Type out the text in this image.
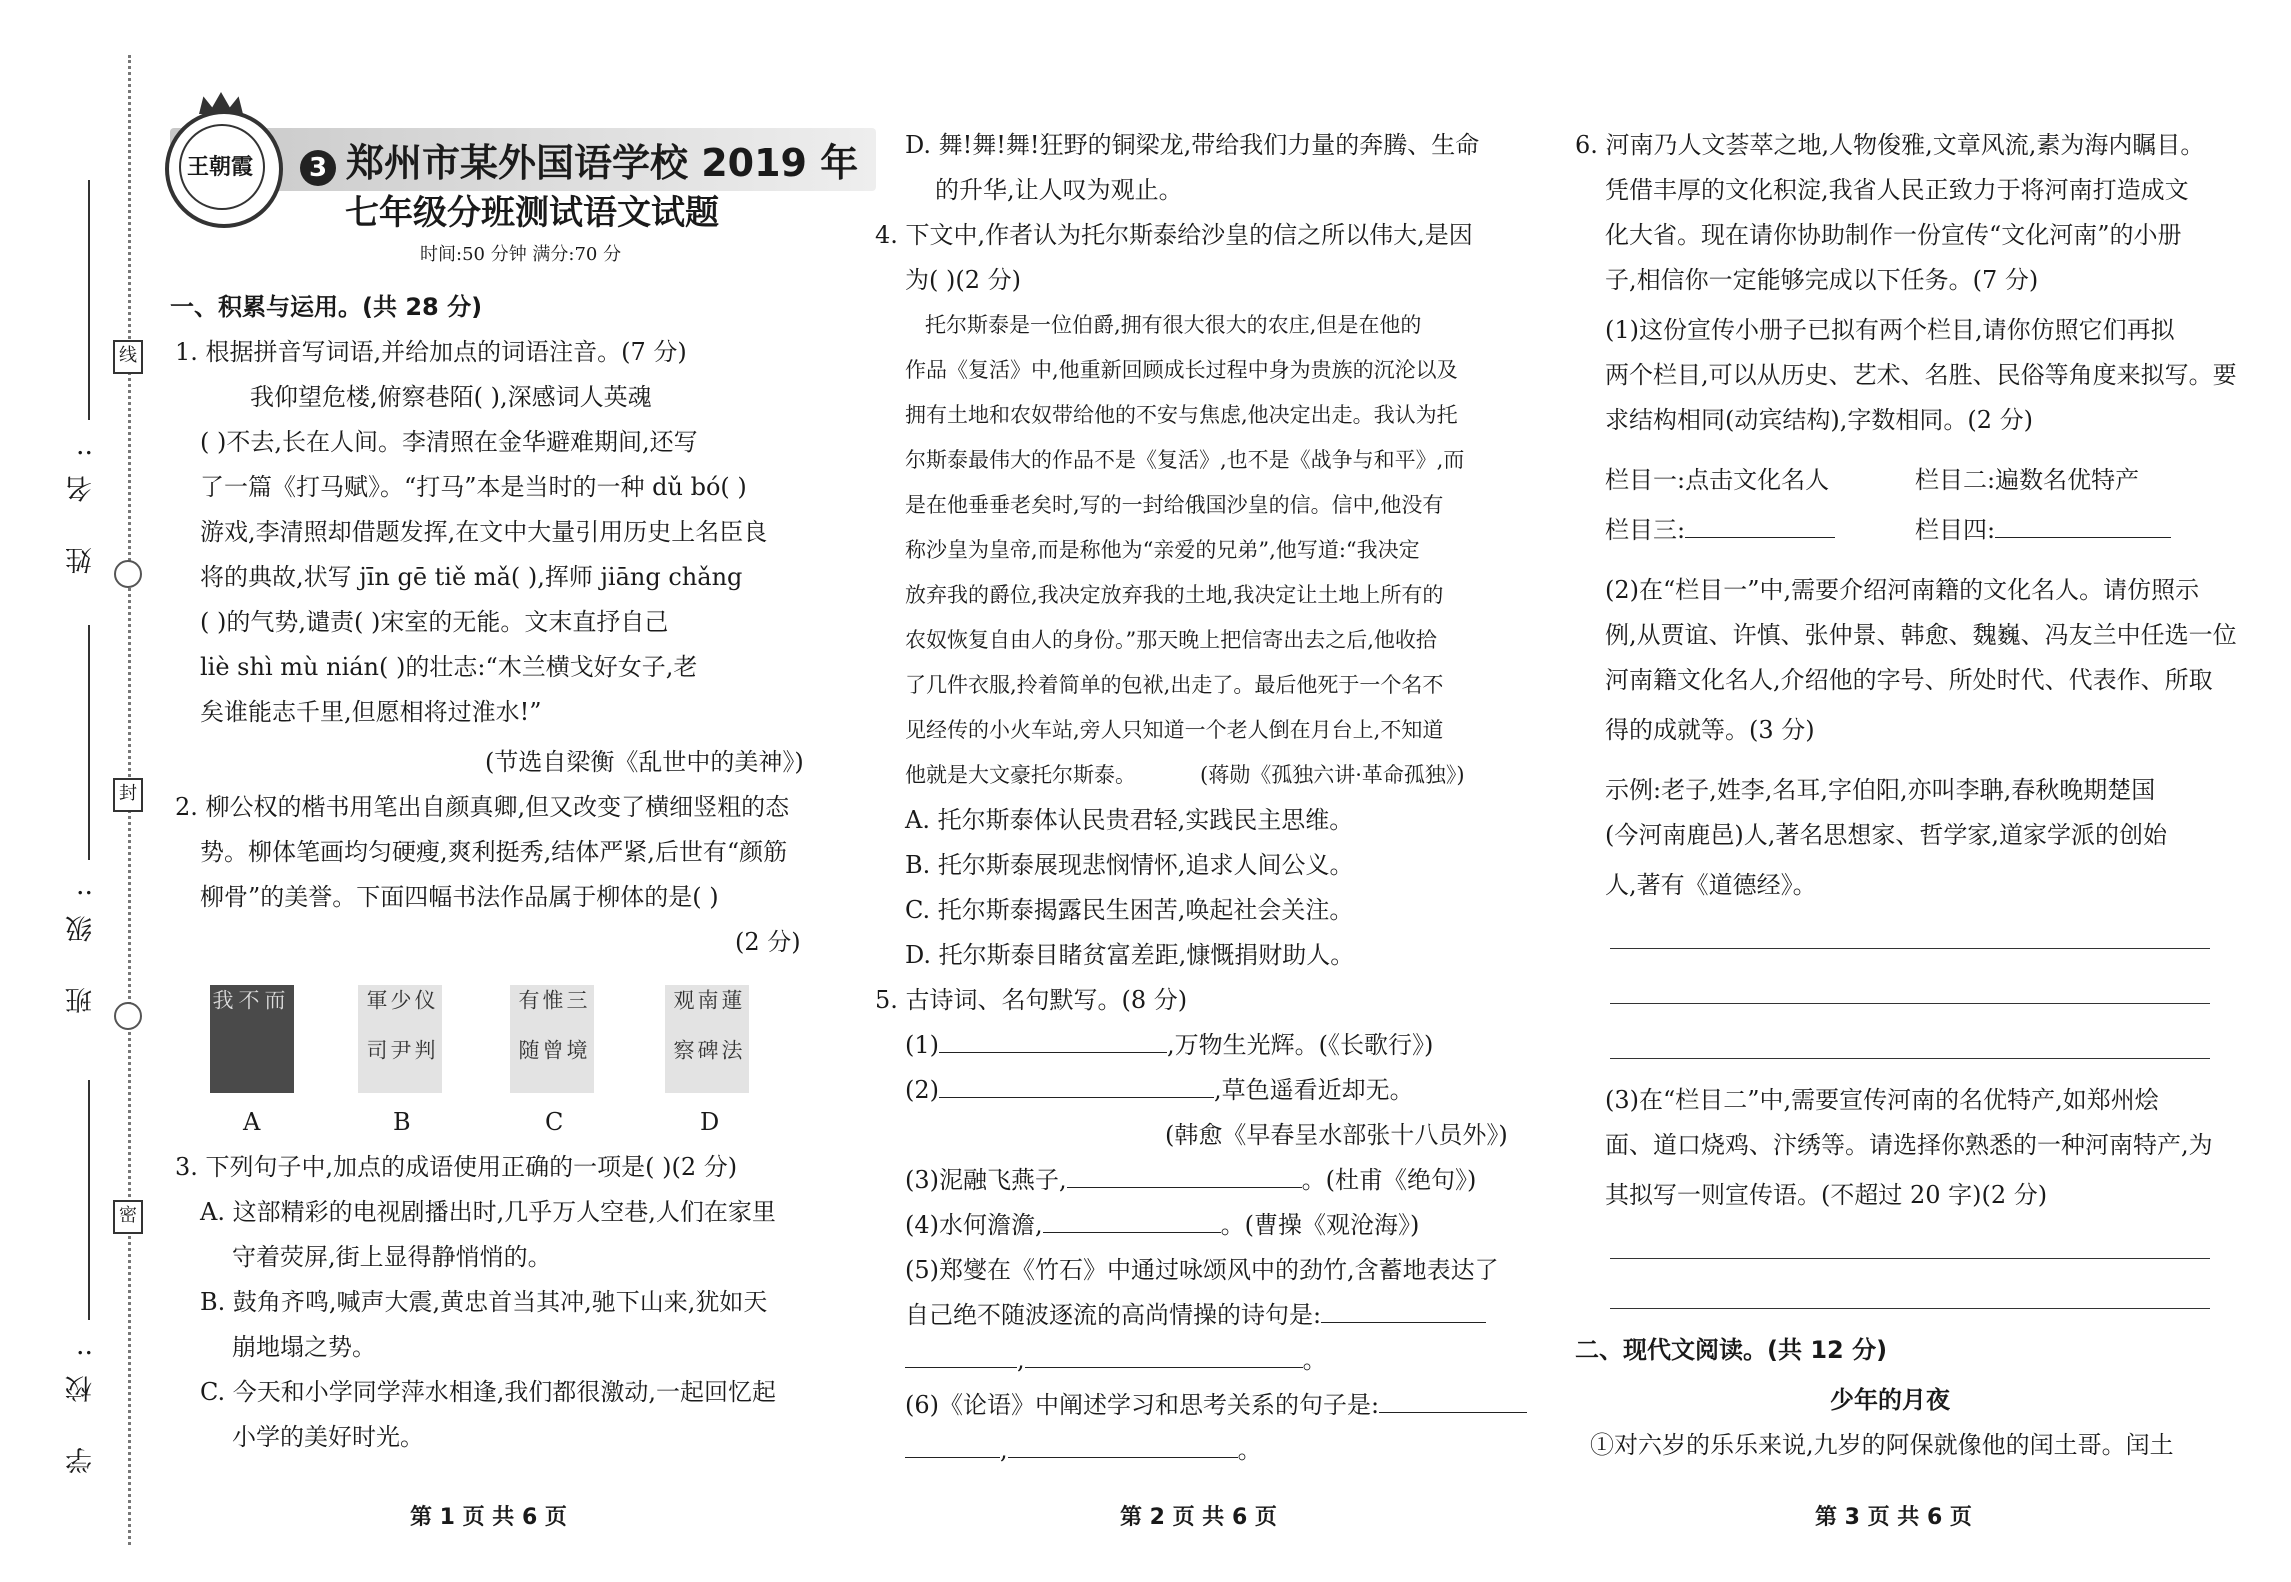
姓 名:
班 级:
学 校:
线
封
密
3 郑州市某外国语学校 2019 年
王朝霞
七年级分班测试语文试题
时间:50 分钟 满分:70 分
一、积累与运用。(共 28 分)
1. 根据拼音写词语,并给加点的词语注音。(7 分)
我仰望危楼,俯察巷陌( ),深感词人英魂
( )不去,长在人间。李清照在金华避难期间,还写
了一篇《打马赋》。“打马”本是当时的一种 dǔ bó( )
游戏,李清照却借题发挥,在文中大量引用历史上名臣良
将的典故,状写 jīn gē tiě mǎ( ),挥师 jiāng chǎng
( )的气势,谴责( )宋室的无能。文末直抒自己
liè shì mù nián( )的壮志:“木兰横戈好女子,老
矣谁能志千里,但愿相将过淮水!”
(节选自梁衡《乱世中的美神》)
2. 柳公权的楷书用笔出自颜真卿,但又改变了横细竖粗的态
势。柳体笔画均匀硬瘦,爽利挺秀,结体严紧,后世有“颜筋
柳骨”的美誉。下面四幅书法作品属于柳体的是( )
(2 分)
而
不
我	仪
少
軍
判
尹
司
三
惟
有
境
曾
随
蓮
南
观
法
碑
察
A	B	C	D
3. 下列句子中,加点的成语使用正确的一项是( )(2 分)
A. 这部精彩的电视剧播出时,几乎万人空巷,人们在家里
守着荧屏,街上显得静悄悄的。
B. 鼓角齐鸣,喊声大震,黄忠首当其冲,驰下山来,犹如天
崩地塌之势。
C. 今天和小学同学萍水相逢,我们都很激动,一起回忆起
小学的美好时光。
第 1 页 共 6 页
D. 舞!舞!舞!狂野的铜梁龙,带给我们力量的奔腾、生命
的升华,让人叹为观止。
4. 下文中,作者认为托尔斯泰给沙皇的信之所以伟大,是因
为( )(2 分)
托尔斯泰是一位伯爵,拥有很大很大的农庄,但是在他的
作品《复活》中,他重新回顾成长过程中身为贵族的沉沦以及
拥有土地和农奴带给他的不安与焦虑,他决定出走。我认为托
尔斯泰最伟大的作品不是《复活》,也不是《战争与和平》,而
是在他垂垂老矣时,写的一封给俄国沙皇的信。信中,他没有
称沙皇为皇帝,而是称他为“亲爱的兄弟”,他写道:“我决定
放弃我的爵位,我决定放弃我的土地,我决定让土地上所有的
农奴恢复自由人的身份。”那天晚上把信寄出去之后,他收拾
了几件衣服,拎着简单的包袱,出走了。最后他死于一个名不
见经传的小火车站,旁人只知道一个老人倒在月台上,不知道
他就是大文豪托尔斯泰。	(蒋勋《孤独六讲·革命孤独》)
A. 托尔斯泰体认民贵君轻,实践民主思维。
B. 托尔斯泰展现悲悯情怀,追求人间公义。
C. 托尔斯泰揭露民生困苦,唤起社会关注。
D. 托尔斯泰目睹贫富差距,慷慨捐财助人。
5. 古诗词、名句默写。(8 分)
(1)	,万物生光辉。(《长歌行》)
(2)	,草色遥看近却无。
(韩愈《早春呈水部张十八员外》)
(3)泥融飞燕子,	。(杜甫《绝句》)
(4)水何澹澹,	。(曹操《观沧海》)
(5)郑燮在《竹石》中通过咏颂风中的劲竹,含蓄地表达了
自己绝不随波逐流的高尚情操的诗句是:
,	。
(6)《论语》中阐述学习和思考关系的句子是:
,	。
第 2 页 共 6 页
6. 河南乃人文荟萃之地,人物俊雅,文章风流,素为海内瞩目。
凭借丰厚的文化积淀,我省人民正致力于将河南打造成文
化大省。现在请你协助制作一份宣传“文化河南”的小册
子,相信你一定能够完成以下任务。(7 分)
(1)这份宣传小册子已拟有两个栏目,请你仿照它们再拟
两个栏目,可以从历史、艺术、名胜、民俗等角度来拟写。要
求结构相同(动宾结构),字数相同。(2 分)
栏目一:点击文化名人	栏目二:遍数名优特产
栏目三:	栏目四:
(2)在“栏目一”中,需要介绍河南籍的文化名人。请仿照示
例,从贾谊、许慎、张仲景、韩愈、魏巍、冯友兰中任选一位
河南籍文化名人,介绍他的字号、所处时代、代表作、所取
得的成就等。(3 分)
示例:老子,姓李,名耳,字伯阳,亦叫李聃,春秋晚期楚国
(今河南鹿邑)人,著名思想家、哲学家,道家学派的创始
人,著有《道德经》。
(3)在“栏目二”中,需要宣传河南的名优特产,如郑州烩
面、道口烧鸡、汴绣等。请选择你熟悉的一种河南特产,为
其拟写一则宣传语。(不超过 20 字)(2 分)
二、现代文阅读。(共 12 分)
少年的月夜
①对六岁的乐乐来说,九岁的阿保就像他的闰土哥。闰土
第 3 页 共 6 页
